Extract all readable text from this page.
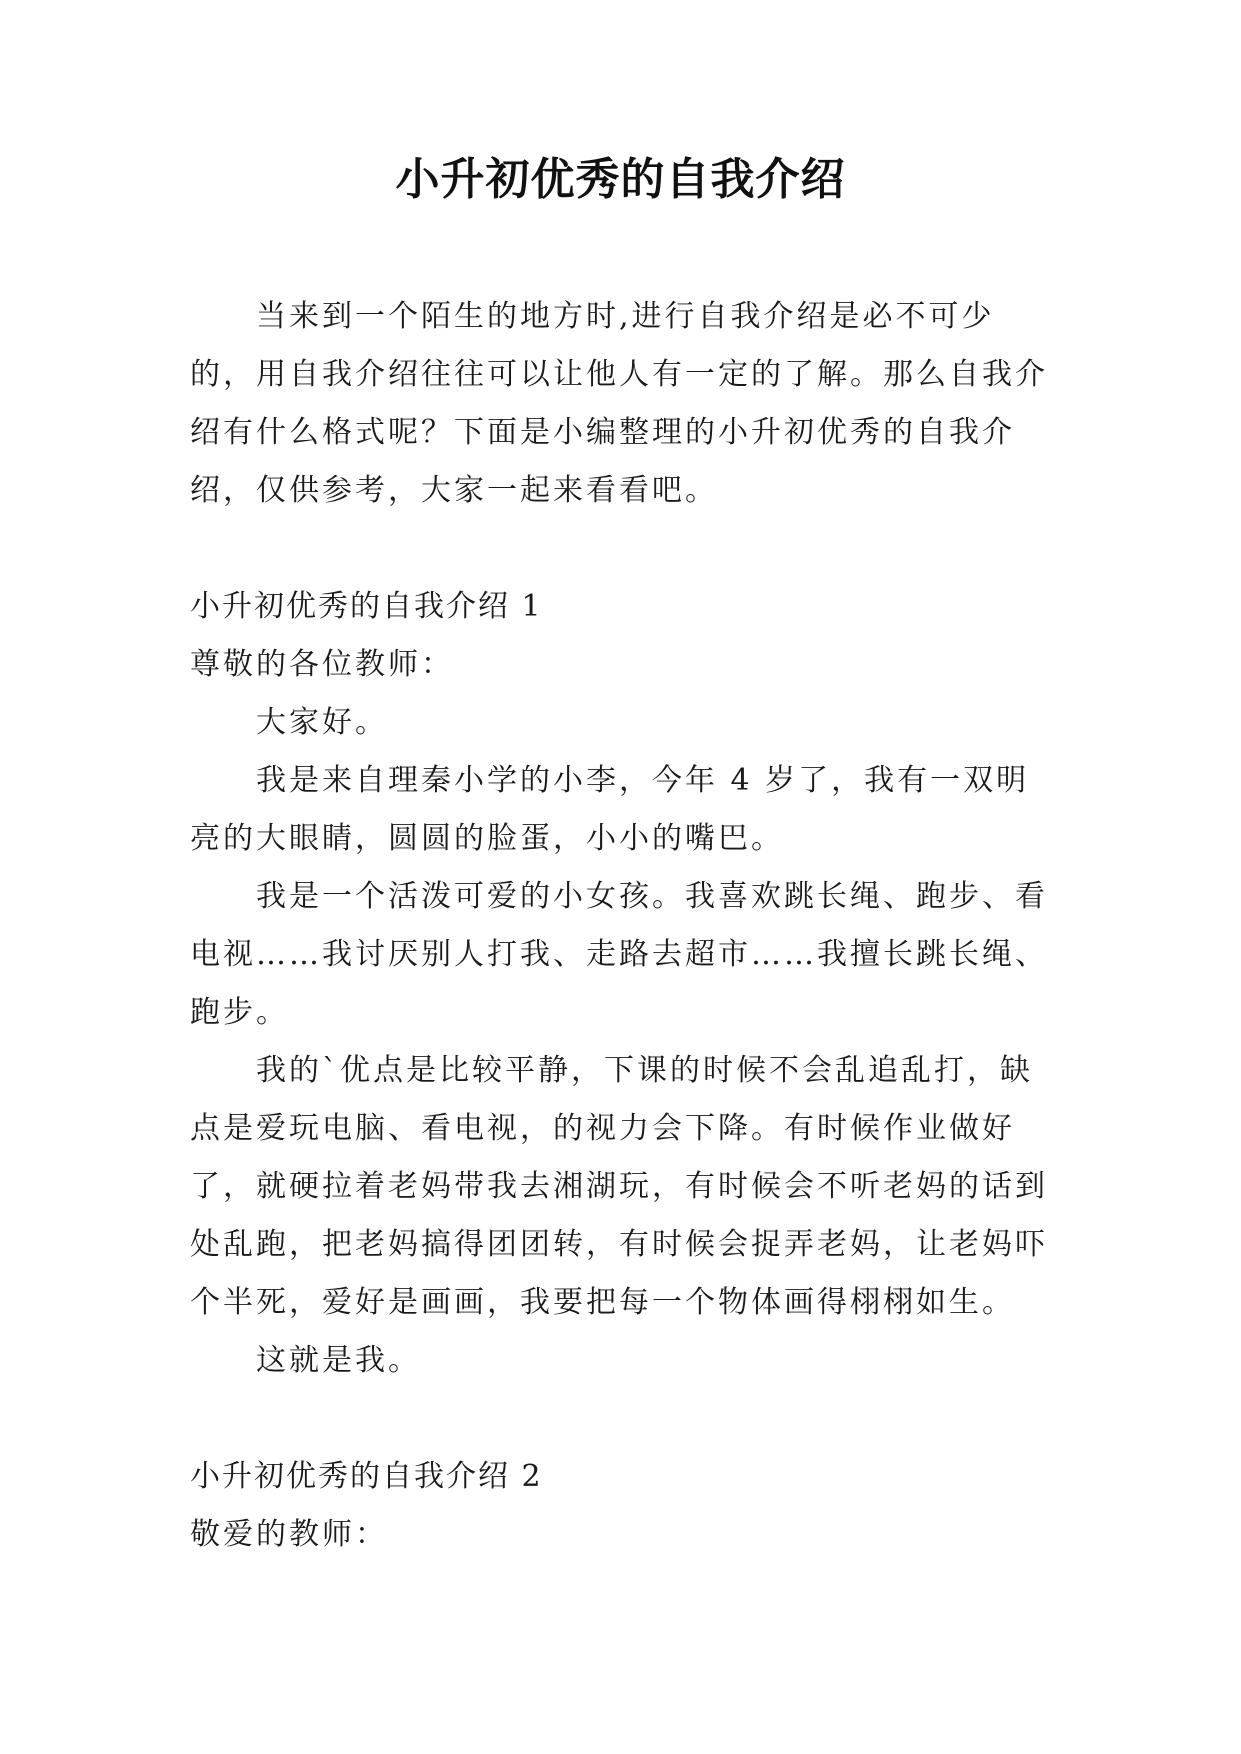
小升初优秀的自我介绍

当来到一个陌生的地方时,进行自我介绍是必不可少的，用自我介绍往往可以让他人有一定的了解。那么自我介绍有什么格式呢？下面是小编整理的小升初优秀的自我介绍，仅供参考，大家一起来看看吧。

小升初优秀的自我介绍 1

尊敬的各位教师：

大家好。

我是来自理秦小学的小李，今年 4 岁了，我有一双明亮的大眼睛，圆圆的脸蛋，小小的嘴巴。

我是一个活泼可爱的小女孩。我喜欢跳长绳、跑步、看电视……我讨厌别人打我、走路去超市……我擅长跳长绳、跑步。

我的`优点是比较平静，下课的时候不会乱追乱打，缺点是爱玩电脑、看电视，的视力会下降。有时候作业做好了，就硬拉着老妈带我去湘湖玩，有时候会不听老妈的话到处乱跑，把老妈搞得团团转，有时候会捉弄老妈，让老妈吓个半死，爱好是画画，我要把每一个物体画得栩栩如生。

这就是我。

小升初优秀的自我介绍 2

敬爱的教师：
